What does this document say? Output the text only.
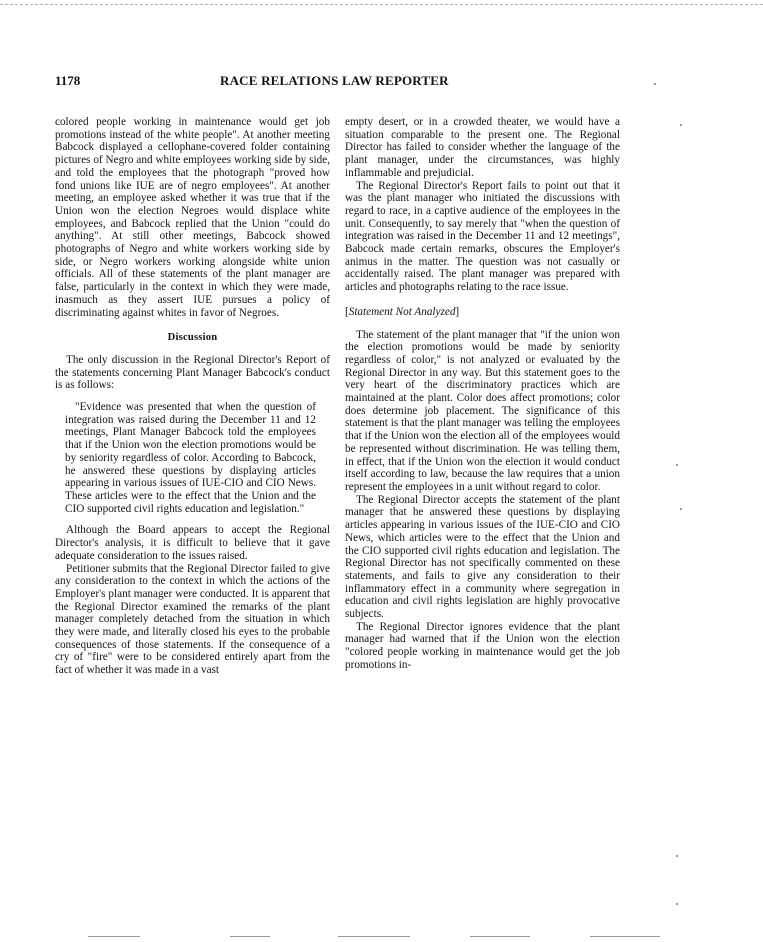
1178	RACE RELATIONS LAW REPORTER

colored people working in maintenance would get job promotions instead of the white people". At another meeting Babcock displayed a cellophane-covered folder containing pictures of Negro and white employees working side by side, and told the employees that the photograph "proved how fond unions like IUE are of negro employees". At another meeting, an employee asked whether it was true that if the Union won the election Negroes would displace white employees, and Babcock replied that the Union "could do anything". At still other meetings, Babcock showed photographs of Negro and white workers working side by side, or Negro workers working alongside white union officials. All of these statements of the plant manager are false, particularly in the context in which they were made, inasmuch as they assert IUE pursues a policy of discriminating against whites in favor of Negroes.

Discussion

The only discussion in the Regional Director's Report of the statements concerning Plant Manager Babcock's conduct is as follows:

"Evidence was presented that when the question of integration was raised during the December 11 and 12 meetings, Plant Manager Babcock told the employees that if the Union won the election promotions would be by seniority regardless of color. According to Babcock, he answered these questions by displaying articles appearing in various issues of IUE-CIO and CIO News. These articles were to the effect that the Union and the CIO supported civil rights education and legislation."

Although the Board appears to accept the Regional Director's analysis, it is difficult to believe that it gave adequate consideration to the issues raised.

Petitioner submits that the Regional Director failed to give any consideration to the context in which the actions of the Employer's plant manager were conducted. It is apparent that the Regional Director examined the remarks of the plant manager completely detached from the situation in which they were made, and literally closed his eyes to the probable consequences of those statements. If the consequence of a cry of "fire" were to be considered entirely apart from the fact of whether it was made in a vast

empty desert, or in a crowded theater, we would have a situation comparable to the present one. The Regional Director has failed to consider whether the language of the plant manager, under the circumstances, was highly inflammable and prejudicial.

The Regional Director's Report fails to point out that it was the plant manager who initiated the discussions with regard to race, in a captive audience of the employees in the unit. Consequently, to say merely that "when the question of integration was raised in the December 11 and 12 meetings", Babcock made certain remarks, obscures the Employer's animus in the matter. The question was not casually or accidentally raised. The plant manager was prepared with articles and photographs relating to the race issue.

[Statement Not Analyzed]

The statement of the plant manager that "if the union won the election promotions would be made by seniority regardless of color," is not analyzed or evaluated by the Regional Director in any way. But this statement goes to the very heart of the discriminatory practices which are maintained at the plant. Color does affect promotions; color does determine job placement. The significance of this statement is that the plant manager was telling the employees that if the Union won the election all of the employees would be represented without discrimination. He was telling them, in effect, that if the Union won the election it would conduct itself according to law, because the law requires that a union represent the employees in a unit without regard to color.

The Regional Director accepts the statement of the plant manager that he answered these questions by displaying articles appearing in various issues of the IUE-CIO and CIO News, which articles were to the effect that the Union and the CIO supported civil rights education and legislation. The Regional Director has not specifically commented on these statements, and fails to give any consideration to their inflammatory effect in a community where segregation in education and civil rights legislation are highly provocative subjects.

The Regional Director ignores evidence that the plant manager had warned that if the Union won the election "colored people working in maintenance would get the job promotions in-
